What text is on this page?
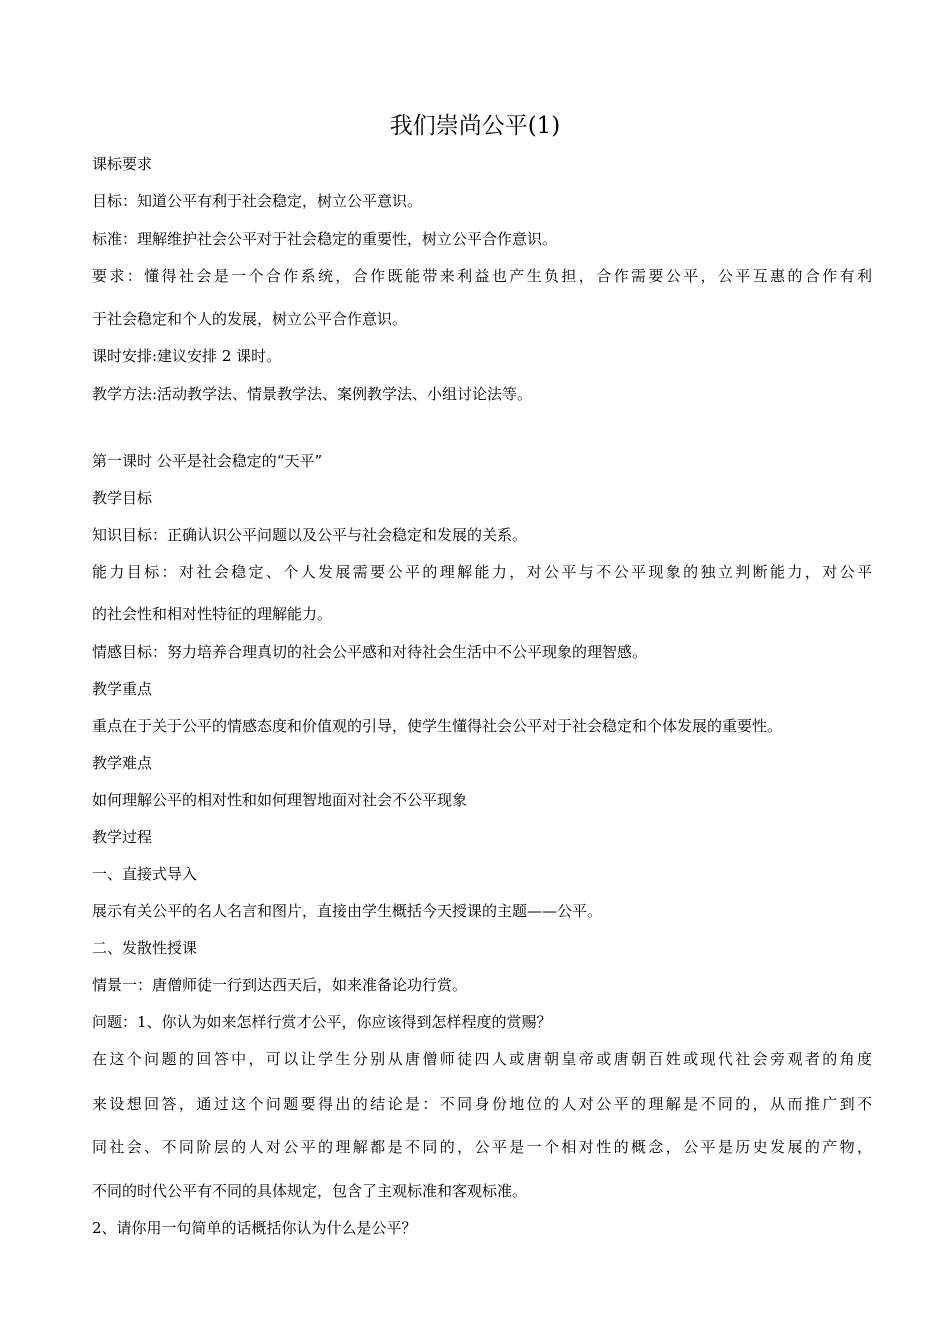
我们崇尚公平(1)
课标要求
目标：知道公平有利于社会稳定，树立公平意识。
标准：理解维护社会公平对于社会稳定的重要性，树立公平合作意识。
要求：懂得社会是一个合作系统，合作既能带来利益也产生负担，合作需要公平，公平互惠的合作有利
于社会稳定和个人的发展，树立公平合作意识。
课时安排:建议安排 2 课时。
教学方法:活动教学法、情景教学法、案例教学法、小组讨论法等。
第一课时 公平是社会稳定的“天平”
教学目标
知识目标：正确认识公平问题以及公平与社会稳定和发展的关系。
能力目标：对社会稳定、个人发展需要公平的理解能力，对公平与不公平现象的独立判断能力，对公平
的社会性和相对性特征的理解能力。
情感目标：努力培养合理真切的社会公平感和对待社会生活中不公平现象的理智感。
教学重点
重点在于关于公平的情感态度和价值观的引导，使学生懂得社会公平对于社会稳定和个体发展的重要性。
教学难点
如何理解公平的相对性和如何理智地面对社会不公平现象
教学过程
一、直接式导入
展示有关公平的名人名言和图片，直接由学生概括今天授课的主题——公平。
二、发散性授课
情景一：唐僧师徒一行到达西天后，如来准备论功行赏。
问题：1、你认为如来怎样行赏才公平，你应该得到怎样程度的赏赐？
在这个问题的回答中，可以让学生分别从唐僧师徒四人或唐朝皇帝或唐朝百姓或现代社会旁观者的角度
来设想回答，通过这个问题要得出的结论是：不同身份地位的人对公平的理解是不同的，从而推广到不
同社会、不同阶层的人对公平的理解都是不同的，公平是一个相对性的概念，公平是历史发展的产物，
不同的时代公平有不同的具体规定，包含了主观标准和客观标准。
2、请你用一句简单的话概括你认为什么是公平？
